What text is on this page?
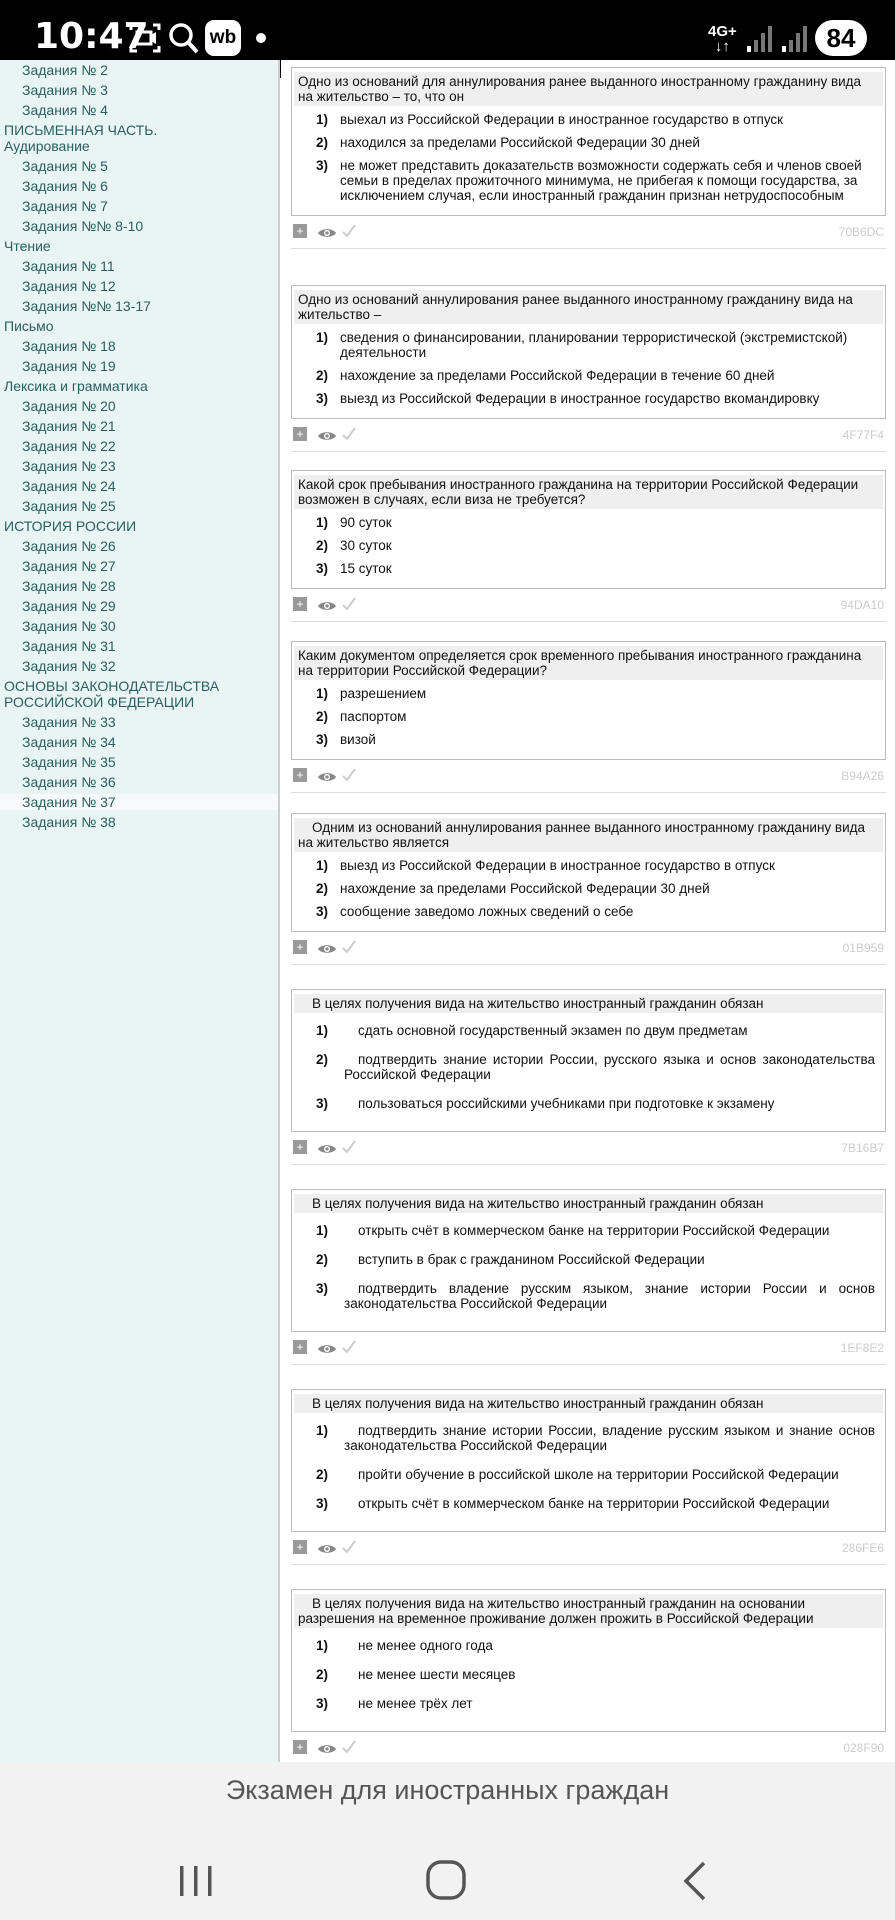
10:47	wb	4G+
↓↑	84
Задания № 2
Задания № 3
Задания № 4
ПИСЬМЕННАЯ ЧАСТЬ.
Аудирование
Задания № 5
Задания № 6
Задания № 7
Задания №№ 8-10
Чтение
Задания № 11
Задания № 12
Задания №№ 13-17
Письмо
Задания № 18
Задания № 19
Лексика и грамматика
Задания № 20
Задания № 21
Задания № 22
Задания № 23
Задания № 24
Задания № 25
ИСТОРИЯ РОССИИ
Задания № 26
Задания № 27
Задания № 28
Задания № 29
Задания № 30
Задания № 31
Задания № 32
ОСНОВЫ ЗАКОНОДАТЕЛЬСТВА
РОССИЙСКОЙ ФЕДЕРАЦИИ
Задания № 33
Задания № 34
Задания № 35
Задания № 36
Задания № 37
Задания № 38
Одно из оснований для аннулирования ранее выданного иностранному гражданину вида на жительство – то, что он
1) выехал из Российской Федерации в иностранное государство в отпуск
2) находился за пределами Российской Федерации 30 дней
3) не может представить доказательств возможности содержать себя и членов своей семьи в пределах прожиточного минимума, не прибегая к помощи государства, за исключением случая, если иностранный гражданин признан нетрудоспособным
+	70B6DC
Одно из оснований аннулирования ранее выданного иностранному гражданину вида на жительство –
1) сведения о финансировании, планировании террористической (экстремистской) деятельности
2) нахождение за пределами Российской Федерации в течение 60 дней
3) выезд из Российской Федерации в иностранное государство вкомандировку
+	4F77F4
Какой срок пребывания иностранного гражданина на территории Российской Федерации возможен в случаях, если виза не требуется?
1) 90 суток
2) 30 суток
3) 15 суток
+	94DA10
Каким документом определяется срок временного пребывания иностранного гражданина на территории Российской Федерации?
1) разрешением
2) паспортом
3) визой
+	B94A26
Одним из оснований аннулирования раннее выданного иностранному гражданину вида на жительство является
1) выезд из Российской Федерации в иностранное государство в отпуск
2) нахождение за пределами Российской Федерации 30 дней
3) сообщение заведомо ложных сведений о себе
+	01B959
В целях получения вида на жительство иностранный гражданин обязан
1) сдать основной государственный экзамен по двум предметам
2) подтвердить знание истории России, русского языка и основ законодательства Российской Федерации
3) пользоваться российскими учебниками при подготовке к экзамену
+	7B16B7
В целях получения вида на жительство иностранный гражданин обязан
1) открыть счёт в коммерческом банке на территории Российской Федерации
2) вступить в брак с гражданином Российской Федерации
3) подтвердить владение русским языком, знание истории России и основ законодательства Российской Федерации
+	1EF8E2
В целях получения вида на жительство иностранный гражданин обязан
1) подтвердить знание истории России, владение русским языком и знание основ законодательства Российской Федерации
2) пройти обучение в российской школе на территории Российской Федерации
3) открыть счёт в коммерческом банке на территории Российской Федерации
+	286FE6
В целях получения вида на жительство иностранный гражданин на основании разрешения на временное проживание должен прожить в Российской Федерации
1) не менее одного года
2) не менее шести месяцев
3) не менее трёх лет
+	028F90
Экзамен для иностранных граждан
